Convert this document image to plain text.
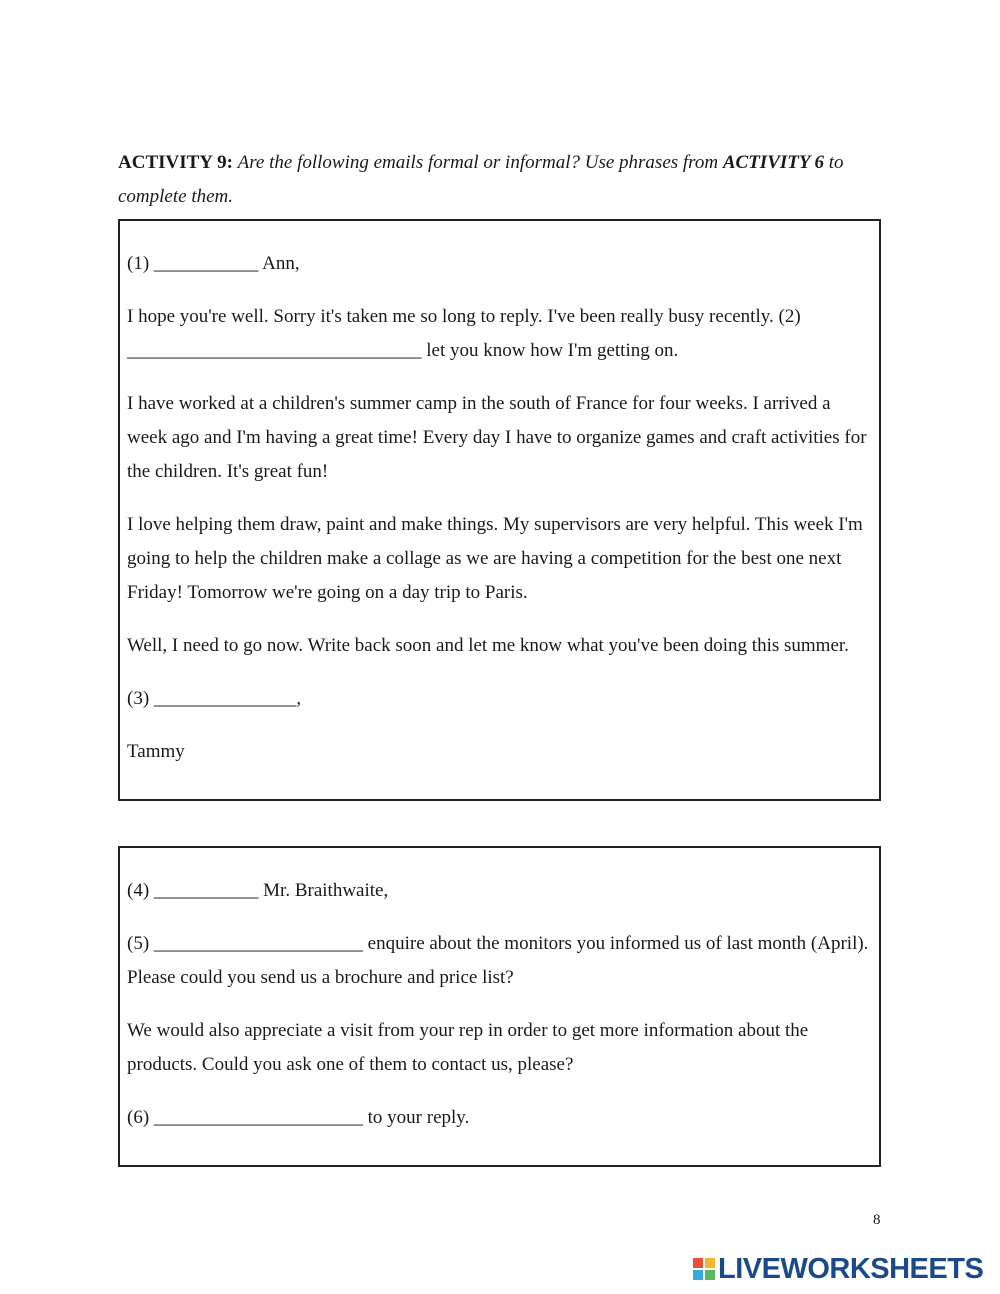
ACTIVITY 9: Are the following emails formal or informal? Use phrases from ACTIVITY 6 to complete them.

(1) ___________ Ann,

I hope you're well. Sorry it's taken me so long to reply. I've been really busy recently. (2) _______________________________ let you know how I'm getting on.

I have worked at a children's summer camp in the south of France for four weeks. I arrived a week ago and I'm having a great time! Every day I have to organize games and craft activities for the children. It's great fun!

I love helping them draw, paint and make things. My supervisors are very helpful. This week I'm going to help the children make a collage as we are having a competition for the best one next Friday! Tomorrow we're going on a day trip to Paris.

Well, I need to go now. Write back soon and let me know what you've been doing this summer.

(3) _______________,

Tammy

(4) ___________ Mr. Braithwaite,

(5) ______________________ enquire about the monitors you informed us of last month (April). Please could you send us a brochure and price list?

We would also appreciate a visit from your rep in order to get more information about the products. Could you ask one of them to contact us, please?

(6) ______________________ to your reply.

8
LIVEWORKSHEETS
